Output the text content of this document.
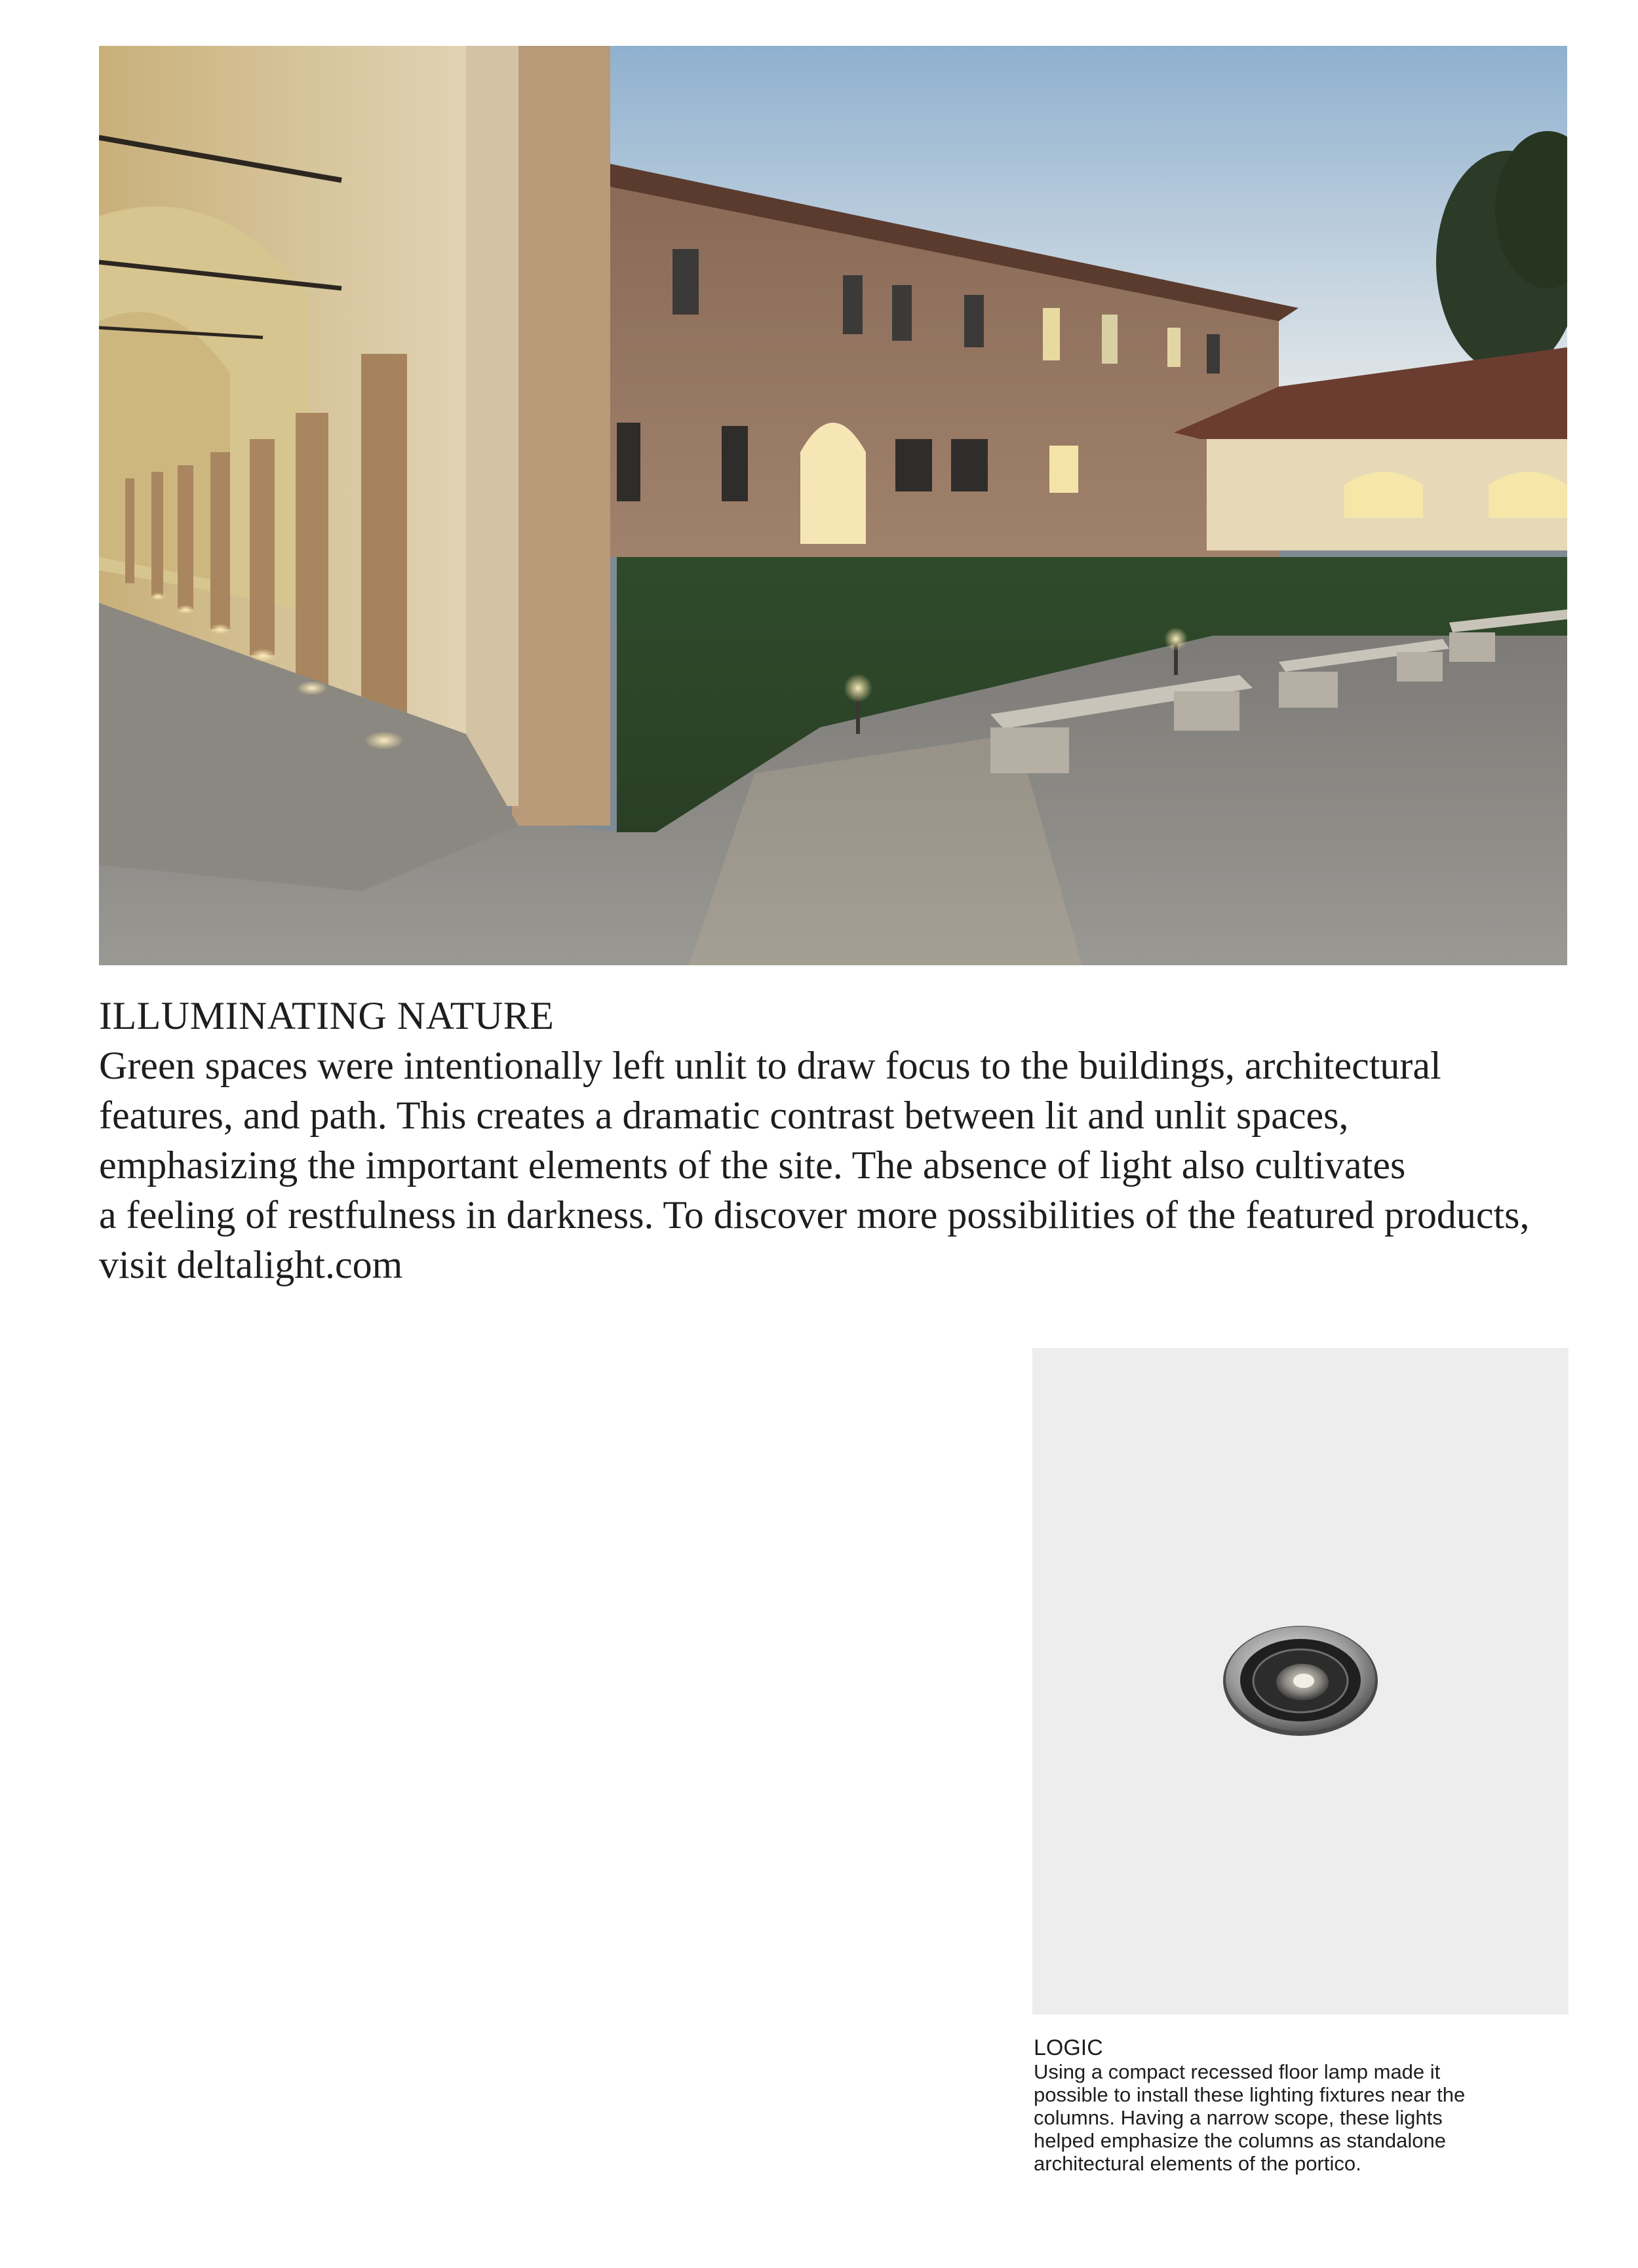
ILLUMINATING NATURE

Green spaces were intentionally left unlit to draw focus to the buildings, architectural
features, and path. This creates a dramatic contrast between lit and unlit spaces,
emphasizing the important elements of the site. The absence of light also cultivates
a feeling of restfulness in darkness. To discover more possibilities of the featured products,
visit deltalight.com

LOGIC

Using a compact recessed floor lamp made it
possible to install these lighting fixtures near the
columns. Having a narrow scope, these lights
helped emphasize the columns as standalone
architectural elements of the portico.
